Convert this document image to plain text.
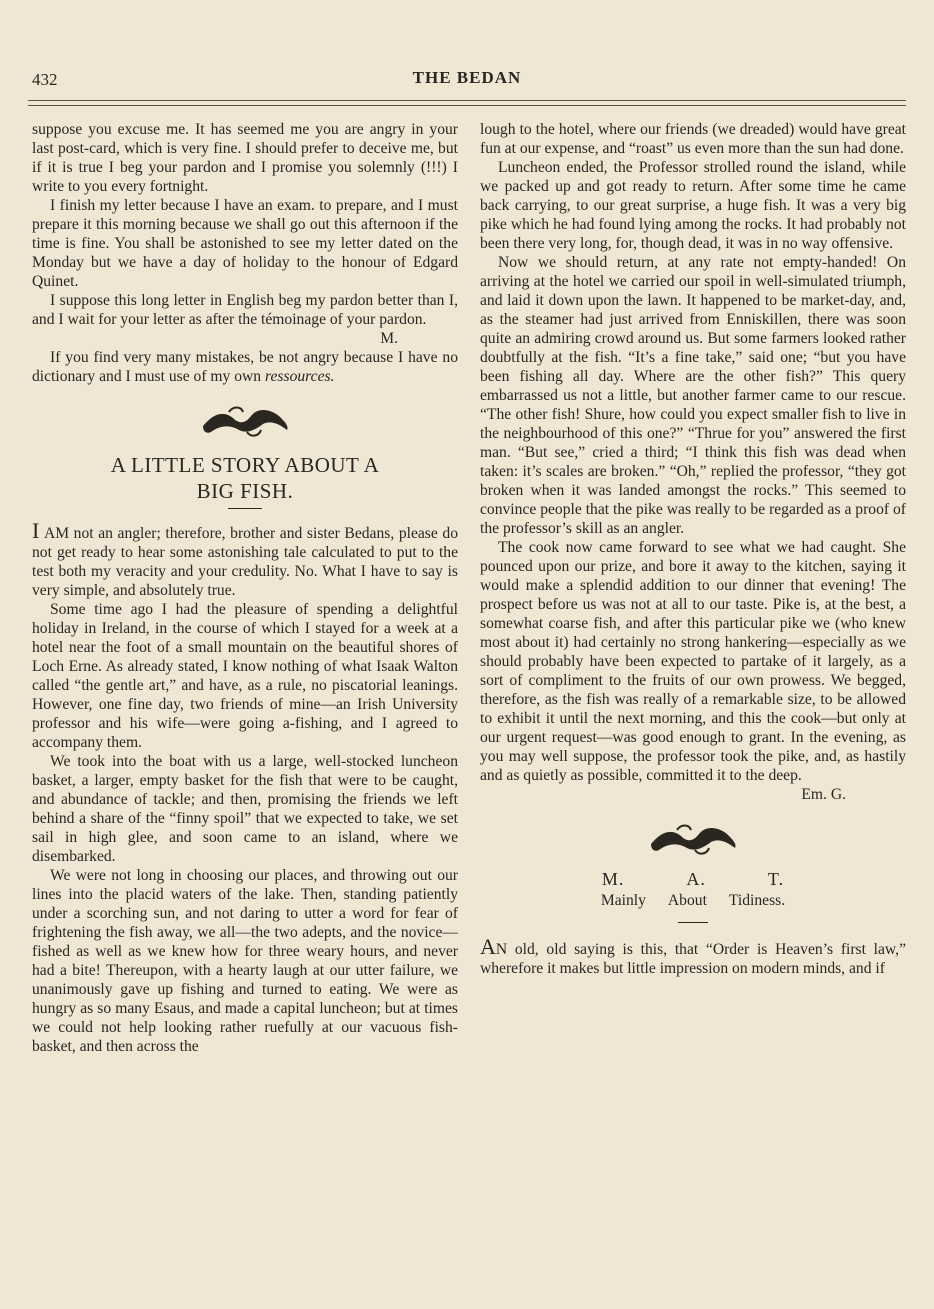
432	THE BEDAN

suppose you excuse me. It has seemed me you are angry in your last post-card, which is very fine. I should prefer to deceive me, but if it is true I beg your pardon and I promise you solemnly (!!!) I write to you every fortnight.

I finish my letter because I have an exam. to prepare, and I must prepare it this morning because we shall go out this afternoon if the time is fine. You shall be astonished to see my letter dated on the Monday but we have a day of holiday to the honour of Edgard Quinet.

I suppose this long letter in English beg my pardon better than I, and I wait for your letter as after the témoinage of your pardon.

M.

If you find very many mistakes, be not angry because I have no dictionary and I must use of my own ressources.

A LITTLE STORY ABOUT A
BIG FISH.

I AM not an angler; therefore, brother and sister Bedans, please do not get ready to hear some astonishing tale calculated to put to the test both my veracity and your credulity. No. What I have to say is very simple, and absolutely true.

Some time ago I had the pleasure of spending a delightful holiday in Ireland, in the course of which I stayed for a week at a hotel near the foot of a small mountain on the beautiful shores of Loch Erne. As already stated, I know nothing of what Isaak Walton called “the gentle art,” and have, as a rule, no piscatorial leanings. However, one fine day, two friends of mine—an Irish University professor and his wife—were going a-fishing, and I agreed to accompany them.

We took into the boat with us a large, well-stocked luncheon basket, a larger, empty basket for the fish that were to be caught, and abundance of tackle; and then, promising the friends we left behind a share of the “finny spoil” that we expected to take, we set sail in high glee, and soon came to an island, where we disembarked.

We were not long in choosing our places, and throwing out our lines into the placid waters of the lake. Then, standing patiently under a scorching sun, and not daring to utter a word for fear of frightening the fish away, we all—the two adepts, and the novice—fished as well as we knew how for three weary hours, and never had a bite! Thereupon, with a hearty laugh at our utter failure, we unanimously gave up fishing and turned to eating. We were as hungry as so many Esaus, and made a capital luncheon; but at times we could not help looking rather ruefully at our vacuous fish-basket, and then across the

lough to the hotel, where our friends (we dreaded) would have great fun at our expense, and “roast” us even more than the sun had done.

Luncheon ended, the Professor strolled round the island, while we packed up and got ready to return. After some time he came back carrying, to our great surprise, a huge fish. It was a very big pike which he had found lying among the rocks. It had probably not been there very long, for, though dead, it was in no way offensive.

Now we should return, at any rate not empty-handed! On arriving at the hotel we carried our spoil in well-simulated triumph, and laid it down upon the lawn. It happened to be market-day, and, as the steamer had just arrived from Enniskillen, there was soon quite an admiring crowd around us. But some farmers looked rather doubtfully at the fish. “It’s a fine take,” said one; “but you have been fishing all day. Where are the other fish?” This query embarrassed us not a little, but another farmer came to our rescue. “The other fish! Shure, how could you expect smaller fish to live in the neighbourhood of this one?” “Thrue for you” answered the first man. “But see,” cried a third; “I think this fish was dead when taken: it’s scales are broken.” “Oh,” replied the professor, “they got broken when it was landed amongst the rocks.” This seemed to convince people that the pike was really to be regarded as a proof of the professor’s skill as an angler.

The cook now came forward to see what we had caught. She pounced upon our prize, and bore it away to the kitchen, saying it would make a splendid addition to our dinner that evening! The prospect before us was not at all to our taste. Pike is, at the best, a somewhat coarse fish, and after this particular pike we (who knew most about it) had certainly no strong hankering—especially as we should probably have been expected to partake of it largely, as a sort of compliment to the fruits of our own prowess. We begged, therefore, as the fish was really of a remarkable size, to be allowed to exhibit it until the next morning, and this the cook—but only at our urgent request—was good enough to grant. In the evening, as you may well suppose, the professor took the pike, and, as hastily and as quietly as possible, committed it to the deep.

Em. G.
M.	A.	T.
Mainly About Tidiness.

AN old, old saying is this, that “Order is Heaven’s first law,” wherefore it makes but little impression on modern minds, and if
